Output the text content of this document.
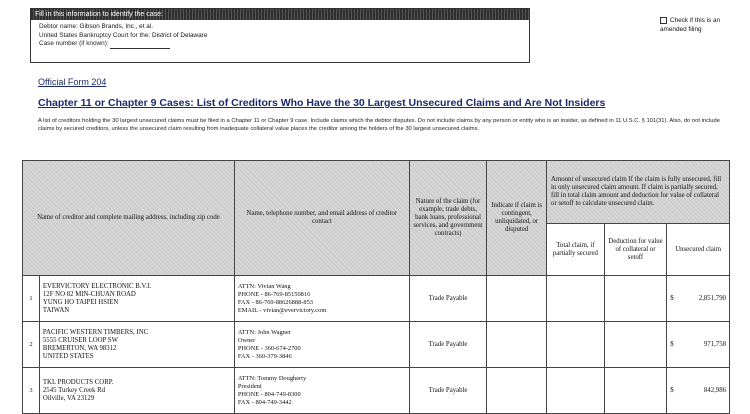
Fill in this information to identify the case:
Debtor name: Gibson Brands, Inc., et al.
United States Bankruptcy Court for the: District of Delaware
Case number (if known):
Check if this is an amended filing
Official Form 204
Chapter 11 or Chapter 9 Cases: List of Creditors Who Have the 30 Largest Unsecured Claims and Are Not Insiders
A list of creditors holding the 30 largest unsecured claims must be filed in a Chapter 11 or Chapter 9 case. Include claims which the debtor disputes. Do not include claims by any person or entity who is an insider, as defined in 11 U.S.C. § 101(31). Also, do not include claims by secured creditors, unless the unsecured claim resulting from inadequate collateral value places the creditor among the holders of the 30 largest unsecured claims.
Name of creditor and complete mailing address, including zip code		Name, telephone number, and email address of creditor contact	Nature of the claim (for example, trade debts, bank loans, professional services, and government contracts)	Indicate if claim is contingent, unliquidated, or disputed	Amount of unsecured claim If the claim is fully unsecured, fill in only unsecured claim amount. If claim is partially secured, fill in total claim amount and deduction for value of collateral or setoff to calculate unsecured claim.		
					Total claim, if partially secured	Deduction for value of collateral or setoff	Unsecured claim
1	EVERVICTORY ELECTRONIC B.V.I.
12F NO 82 MIN-CHUAN ROAD
YUNG HO TAIPEI HSIEN
TAIWAN	ATTN: Vivian Wang
PHONE - 86-769-85150816
FAX - 86-769-88626888-853
EMAIL - vivian@evervictory.com	Trade Payable				$ 2,851,790

2	PACIFIC WESTERN TIMBERS, INC
5555 CRUISER LOOP SW
BREMERTON, WA 98312
UNITED STATES	ATTN: John Wagner
Owner
PHONE - 360-674-2700
FAX - 360-379-3846	Trade Payable				$ 971,758

3	TKL PRODUCTS CORP.
2545 Turkey Creek Rd
Oilville, VA 23129	ATTN: Tommy Dougherty
President
PHONE - 804-749-8300
FAX - 804-749-3442	Trade Payable				$ 842,986
